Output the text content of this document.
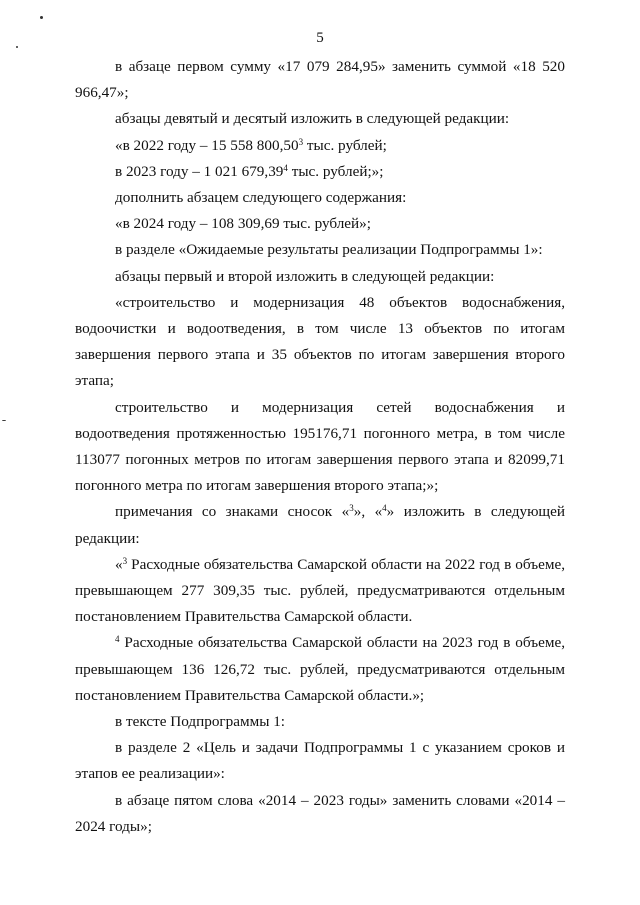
5

в абзаце первом сумму «17 079 284,95» заменить суммой «18 520 966,47»;

абзацы девятый и десятый изложить в следующей редакции:

«в 2022 году – 15 558 800,50$^3$ тыс. рублей;

в 2023 году – 1 021 679,39$^4$ тыс. рублей;»;

дополнить абзацем следующего содержания:

«в 2024 году – 108 309,69 тыс. рублей»;

в разделе «Ожидаемые результаты реализации Подпрограммы 1»:

абзацы первый и второй изложить в следующей редакции:

«строительство и модернизация 48 объектов водоснабжения, водоочистки и водоотведения, в том числе 13 объектов по итогам завершения первого этапа и 35 объектов по итогам завершения второго этапа;

строительство и модернизация сетей водоснабжения и водоотведения протяженностью 195176,71 погонного метра, в том числе 113077 погонных метров по итогам завершения первого этапа и 82099,71 погонного метра по итогам завершения второго этапа;»;

примечания со знаками сносок «$^3$», «$^4$» изложить в следующей редакции:

«$^3$ Расходные обязательства Самарской области на 2022 год в объеме, превышающем 277 309,35 тыс. рублей, предусматриваются отдельным постановлением Правительства Самарской области.

$^4$ Расходные обязательства Самарской области на 2023 год в объеме, превышающем 136 126,72 тыс. рублей, предусматриваются отдельным постановлением Правительства Самарской области.»;

в тексте Подпрограммы 1:

в разделе 2 «Цель и задачи Подпрограммы 1 с указанием сроков и этапов ее реализации»:

в абзаце пятом слова «2014 – 2023 годы» заменить словами «2014 – 2024 годы»;
